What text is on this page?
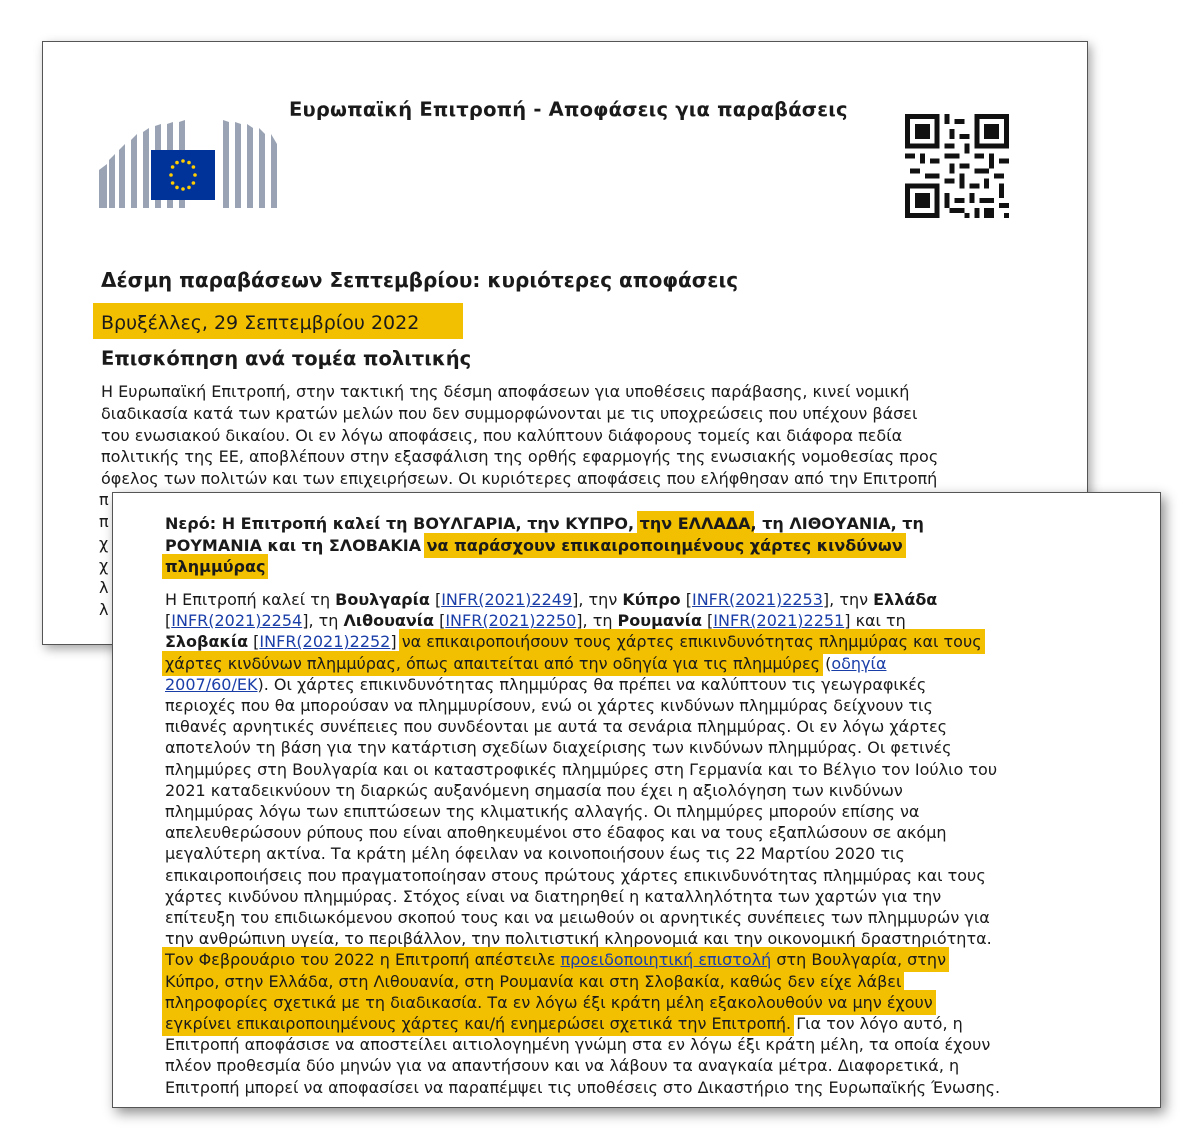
Ευρωπαϊκή Επιτροπή - Αποφάσεις για παραβάσεις
Δέσμη παραβάσεων Σεπτεμβρίου: κυριότερες αποφάσεις
Βρυξέλλες, 29 Σεπτεμβρίου 2022
Επισκόπηση ανά τομέα πολιτικής
Η Ευρωπαϊκή Επιτροπή, στην τακτική της δέσμη αποφάσεων για υποθέσεις παράβασης, κινεί νομική
διαδικασία κατά των κρατών μελών που δεν συμμορφώνονται με τις υποχρεώσεις που υπέχουν βάσει
του ενωσιακού δικαίου. Οι εν λόγω αποφάσεις, που καλύπτουν διάφορους τομείς και διάφορα πεδία
πολιτικής της ΕΕ, αποβλέπουν στην εξασφάλιση της ορθής εφαρμογής της ενωσιακής νομοθεσίας προς
όφελος των πολιτών και των επιχειρήσεων. Οι κυριότερες αποφάσεις που ελήφθησαν από την Επιτροπή
π
π
χ
χ
λ
λ
Νερό: Η Επιτροπή καλεί τη ΒΟΥΛΓΑΡΙΑ, την ΚΥΠΡΟ, την ΕΛΛΑΔΑ, τη ΛΙΘΟΥΑΝΙΑ, τη
ΡΟΥΜΑΝΙΑ και τη ΣΛΟΒΑΚΙΑ να παράσχουν επικαιροποιημένους χάρτες κινδύνων
πλημμύρας
Η Επιτροπή καλεί τη Βουλγαρία [INFR(2021)2249], την Κύπρο [INFR(2021)2253], την Ελλάδα
[INFR(2021)2254], τη Λιθουανία [INFR(2021)2250], τη Ρουμανία [INFR(2021)2251] και τη
Σλοβακία [INFR(2021)2252] να επικαιροποιήσουν τους χάρτες επικινδυνότητας πλημμύρας και τους
χάρτες κινδύνων πλημμύρας, όπως απαιτείται από την οδηγία για τις πλημμύρες (οδηγία
2007/60/ΕΚ). Οι χάρτες επικινδυνότητας πλημμύρας θα πρέπει να καλύπτουν τις γεωγραφικές
περιοχές που θα μπορούσαν να πλημμυρίσουν, ενώ οι χάρτες κινδύνων πλημμύρας δείχνουν τις
πιθανές αρνητικές συνέπειες που συνδέονται με αυτά τα σενάρια πλημμύρας. Οι εν λόγω χάρτες
αποτελούν τη βάση για την κατάρτιση σχεδίων διαχείρισης των κινδύνων πλημμύρας. Οι φετινές
πλημμύρες στη Βουλγαρία και οι καταστροφικές πλημμύρες στη Γερμανία και το Βέλγιο τον Ιούλιο του
2021 καταδεικνύουν τη διαρκώς αυξανόμενη σημασία που έχει η αξιολόγηση των κινδύνων
πλημμύρας λόγω των επιπτώσεων της κλιματικής αλλαγής. Οι πλημμύρες μπορούν επίσης να
απελευθερώσουν ρύπους που είναι αποθηκευμένοι στο έδαφος και να τους εξαπλώσουν σε ακόμη
μεγαλύτερη ακτίνα. Τα κράτη μέλη όφειλαν να κοινοποιήσουν έως τις 22 Μαρτίου 2020 τις
επικαιροποιήσεις που πραγματοποίησαν στους πρώτους χάρτες επικινδυνότητας πλημμύρας και τους
χάρτες κινδύνου πλημμύρας. Στόχος είναι να διατηρηθεί η καταλληλότητα των χαρτών για την
επίτευξη του επιδιωκόμενου σκοπού τους και να μειωθούν οι αρνητικές συνέπειες των πλημμυρών για
την ανθρώπινη υγεία, το περιβάλλον, την πολιτιστική κληρονομιά και την οικονομική δραστηριότητα.
Τον Φεβρουάριο του 2022 η Επιτροπή απέστειλε προειδοποιητική επιστολή στη Βουλγαρία, στην
Κύπρο, στην Ελλάδα, στη Λιθουανία, στη Ρουμανία και στη Σλοβακία, καθώς δεν είχε λάβει
πληροφορίες σχετικά με τη διαδικασία. Τα εν λόγω έξι κράτη μέλη εξακολουθούν να μην έχουν
εγκρίνει επικαιροποιημένους χάρτες και/ή ενημερώσει σχετικά την Επιτροπή. Για τον λόγο αυτό, η
Επιτροπή αποφάσισε να αποστείλει αιτιολογημένη γνώμη στα εν λόγω έξι κράτη μέλη, τα οποία έχουν
πλέον προθεσμία δύο μηνών για να απαντήσουν και να λάβουν τα αναγκαία μέτρα. Διαφορετικά, η
Επιτροπή μπορεί να αποφασίσει να παραπέμψει τις υποθέσεις στο Δικαστήριο της Ευρωπαϊκής Ένωσης.
